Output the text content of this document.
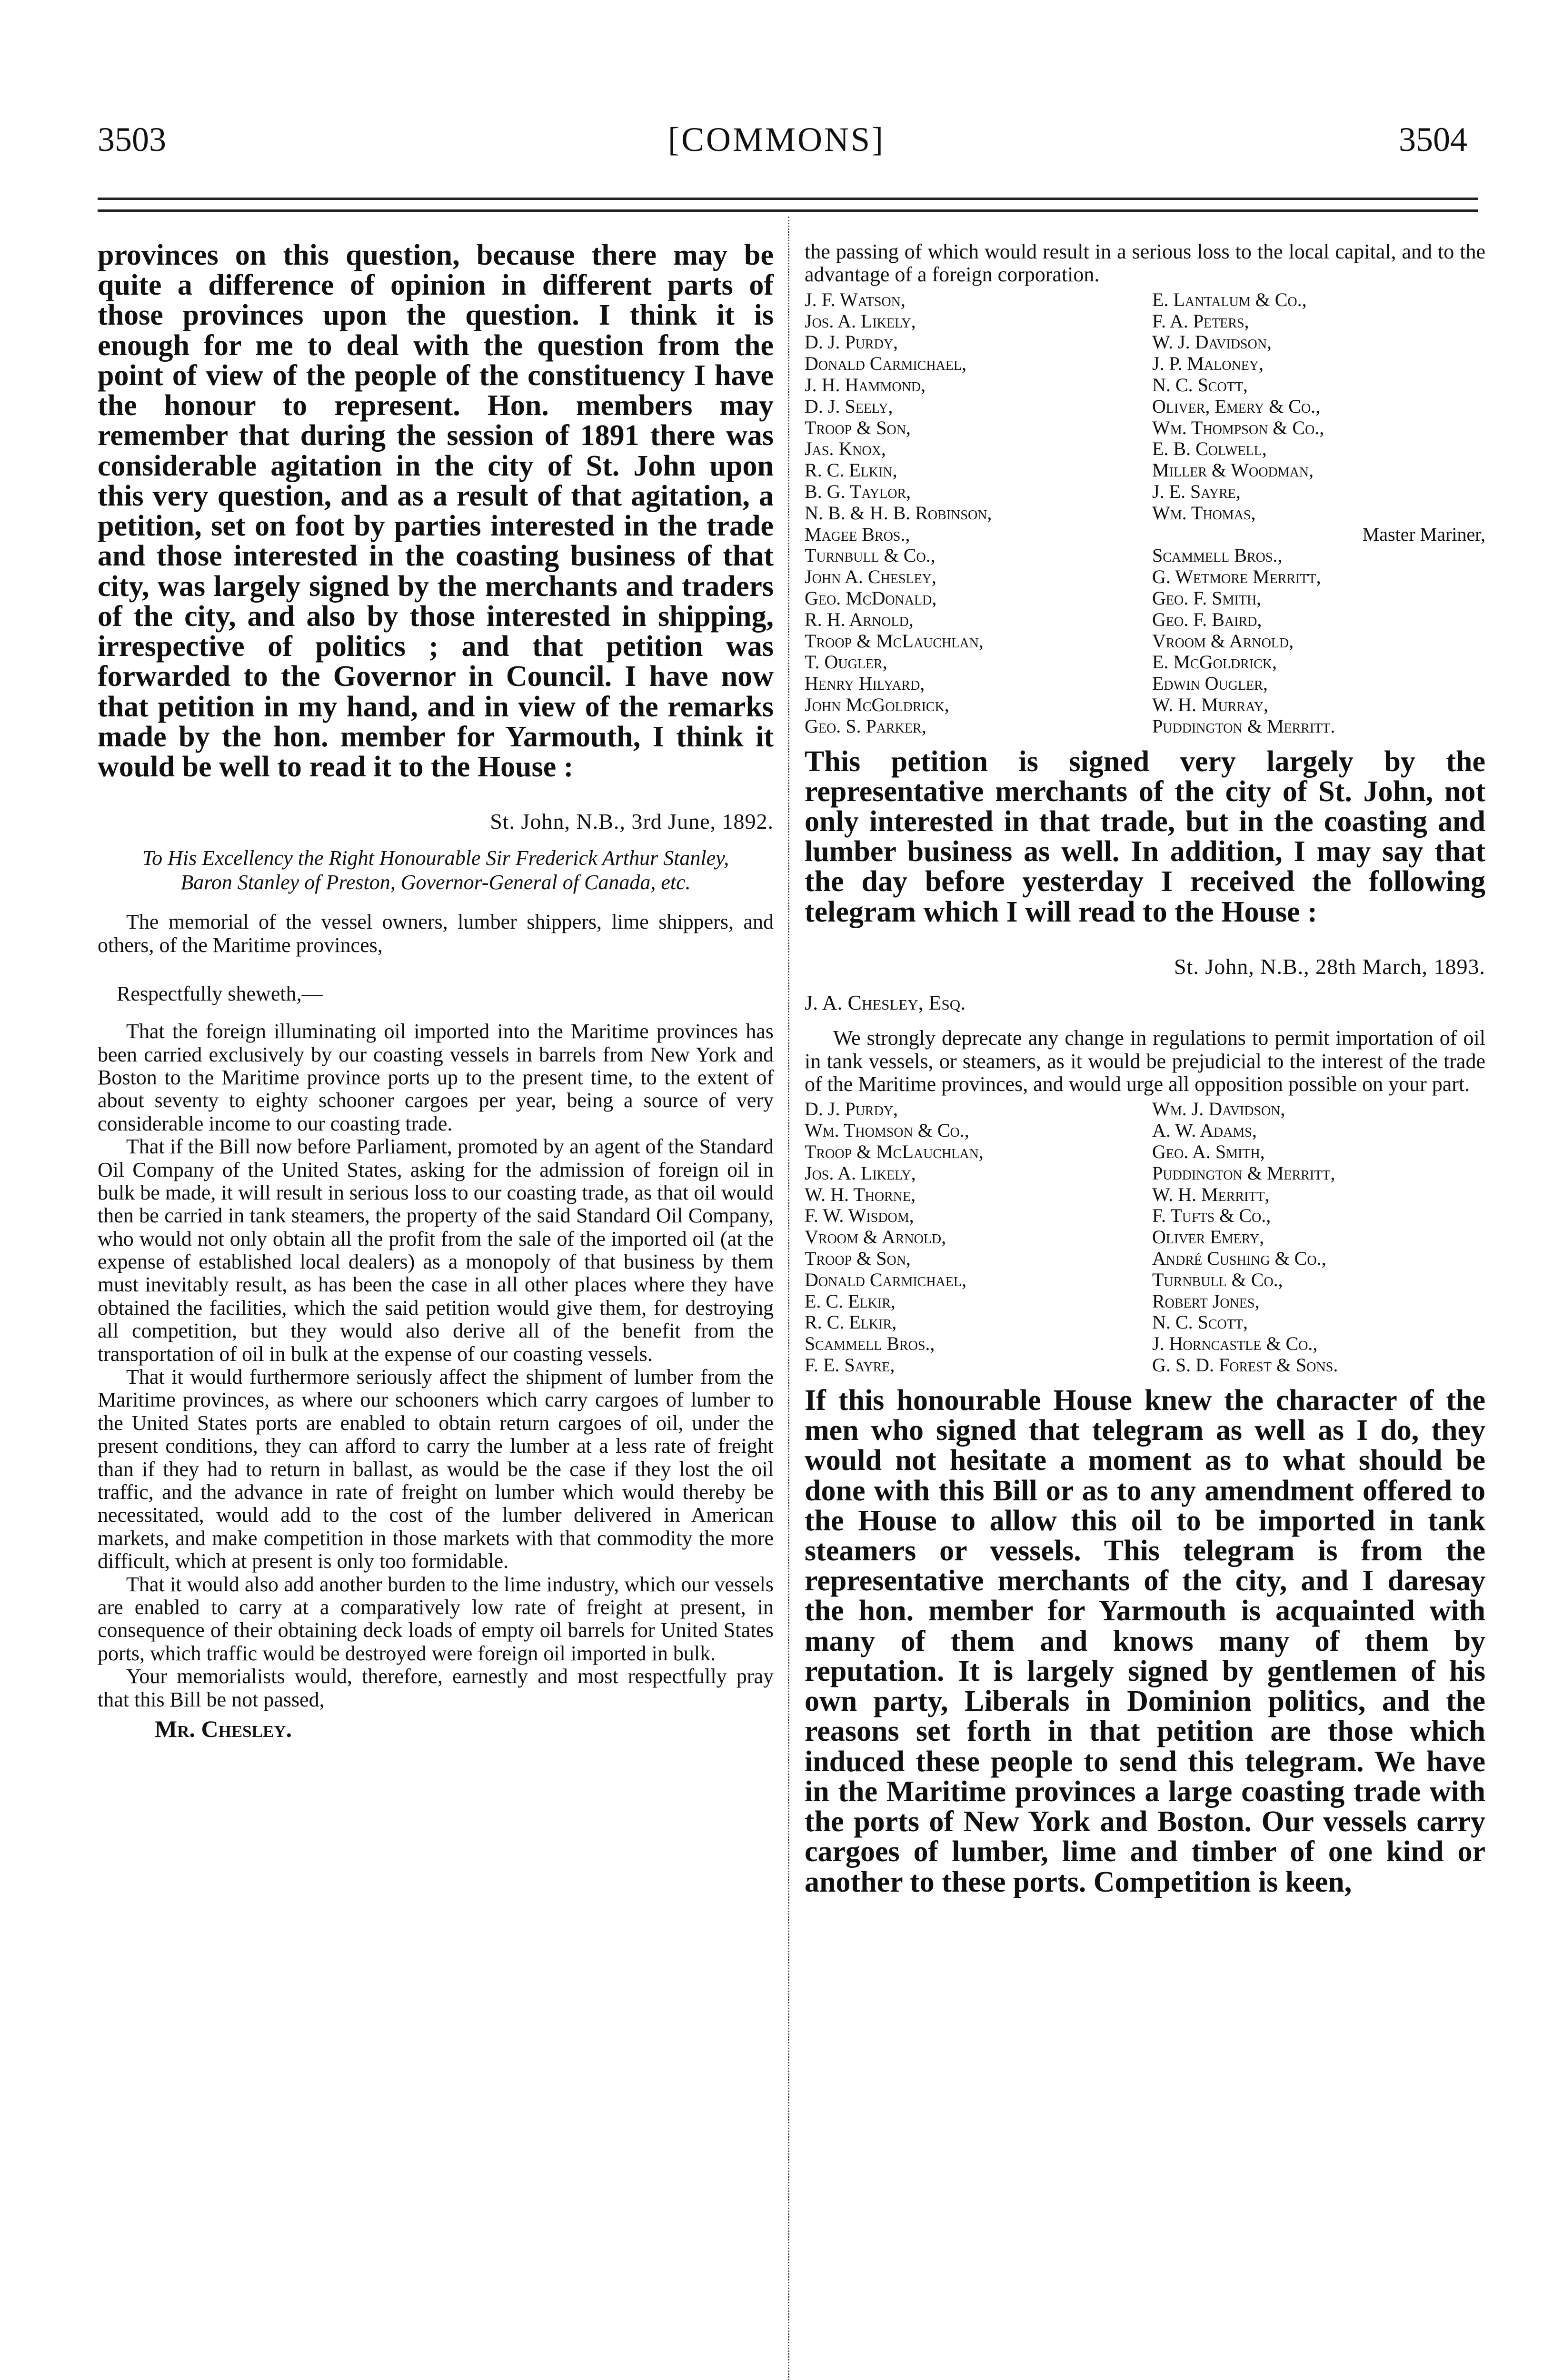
3503	[COMMONS]	3504

provinces on this question, because there may be quite a difference of opinion in different parts of those provinces upon the question. I think it is enough for me to deal with the question from the point of view of the people of the constituency I have the honour to represent. Hon. members may remember that during the session of 1891 there was considerable agitation in the city of St. John upon this very question, and as a result of that agitation, a petition, set on foot by parties interested in the trade and those interested in the coasting business of that city, was largely signed by the merchants and traders of the city, and also by those interested in shipping, irrespective of politics ; and that petition was forwarded to the Governor in Council. I have now that petition in my hand, and in view of the remarks made by the hon. member for Yarmouth, I think it would be well to read it to the House :

St. John, N.B., 3rd June, 1892.
To His Excellency the Right Honourable Sir Frederick Arthur Stanley, Baron Stanley of Preston, Governor-General of Canada, etc.

The memorial of the vessel owners, lumber shippers, lime shippers, and others, of the Maritime provinces,

Respectfully sheweth,—

That the foreign illuminating oil imported into the Maritime provinces has been carried exclusively by our coasting vessels in barrels from New York and Boston to the Maritime province ports up to the present time, to the extent of about seventy to eighty schooner cargoes per year, being a source of very considerable income to our coasting trade.

That if the Bill now before Parliament, promoted by an agent of the Standard Oil Company of the United States, asking for the admission of foreign oil in bulk be made, it will result in serious loss to our coasting trade, as that oil would then be carried in tank steamers, the property of the said Standard Oil Company, who would not only obtain all the profit from the sale of the imported oil (at the expense of established local dealers) as a monopoly of that business by them must inevitably result, as has been the case in all other places where they have obtained the facilities, which the said petition would give them, for destroying all competition, but they would also derive all of the benefit from the transportation of oil in bulk at the expense of our coasting vessels.

That it would furthermore seriously affect the shipment of lumber from the Maritime provinces, as where our schooners which carry cargoes of lumber to the United States ports are enabled to obtain return cargoes of oil, under the present conditions, they can afford to carry the lumber at a less rate of freight than if they had to return in ballast, as would be the case if they lost the oil traffic, and the advance in rate of freight on lumber which would thereby be necessitated, would add to the cost of the lumber delivered in American markets, and make competition in those markets with that commodity the more difficult, which at present is only too formidable.

That it would also add another burden to the lime industry, which our vessels are enabled to carry at a comparatively low rate of freight at present, in consequence of their obtaining deck loads of empty oil barrels for United States ports, which traffic would be destroyed were foreign oil imported in bulk.

Your memorialists would, therefore, earnestly and most respectfully pray that this Bill be not passed,

Mr. Chesley.

the passing of which would result in a serious loss to the local capital, and to the advantage of a foreign corporation.

J. F. Watson,	E. Lantalum & Co.,
Jos. A. Likely,	F. A. Peters,
D. J. Purdy,	W. J. Davidson,
Donald Carmichael,	J. P. Maloney,
J. H. Hammond,	N. C. Scott,
D. J. Seely,	Oliver, Emery & Co.,
Troop & Son,	Wm. Thompson & Co.,
Jas. Knox,	E. B. Colwell,
R. C. Elkin,	Miller & Woodman,
B. G. Taylor,	J. E. Sayre,
N. B. & H. B. Robinson,	Wm. Thomas,
Magee Bros.,	Master Mariner,
Turnbull & Co.,	Scammell Bros.,
John A. Chesley,	G. Wetmore Merritt,
Geo. McDonald,	Geo. F. Smith,
R. H. Arnold,	Geo. F. Baird,
Troop & McLauchlan,	Vroom & Arnold,
T. Ougler,	E. McGoldrick,
Henry Hilyard,	Edwin Ougler,
John McGoldrick,	W. H. Murray,
Geo. S. Parker,	Puddington & Merritt.

This petition is signed very largely by the representative merchants of the city of St. John, not only interested in that trade, but in the coasting and lumber business as well. In addition, I may say that the day before yesterday I received the following telegram which I will read to the House :

St. John, N.B., 28th March, 1893.
J. A. Chesley, Esq.

We strongly deprecate any change in regulations to permit importation of oil in tank vessels, or steamers, as it would be prejudicial to the interest of the trade of the Maritime provinces, and would urge all opposition possible on your part.

D. J. Purdy,	Wm. J. Davidson,
Wm. Thomson & Co.,	A. W. Adams,
Troop & McLauchlan,	Geo. A. Smith,
Jos. A. Likely,	Puddington & Merritt,
W. H. Thorne,	W. H. Merritt,
F. W. Wisdom,	F. Tufts & Co.,
Vroom & Arnold,	Oliver Emery,
Troop & Son,	André Cushing & Co.,
Donald Carmichael,	Turnbull & Co.,
E. C. Elkir,	Robert Jones,
R. C. Elkir,	N. C. Scott,
Scammell Bros.,	J. Horncastle & Co.,
F. E. Sayre,	G. S. D. Forest & Sons.

If this honourable House knew the character of the men who signed that telegram as well as I do, they would not hesitate a moment as to what should be done with this Bill or as to any amendment offered to the House to allow this oil to be imported in tank steamers or vessels. This telegram is from the representative merchants of the city, and I daresay the hon. member for Yarmouth is acquainted with many of them and knows many of them by reputation. It is largely signed by gentlemen of his own party, Liberals in Dominion politics, and the reasons set forth in that petition are those which induced these people to send this telegram. We have in the Maritime provinces a large coasting trade with the ports of New York and Boston. Our vessels carry cargoes of lumber, lime and timber of one kind or another to these ports. Competition is keen,
